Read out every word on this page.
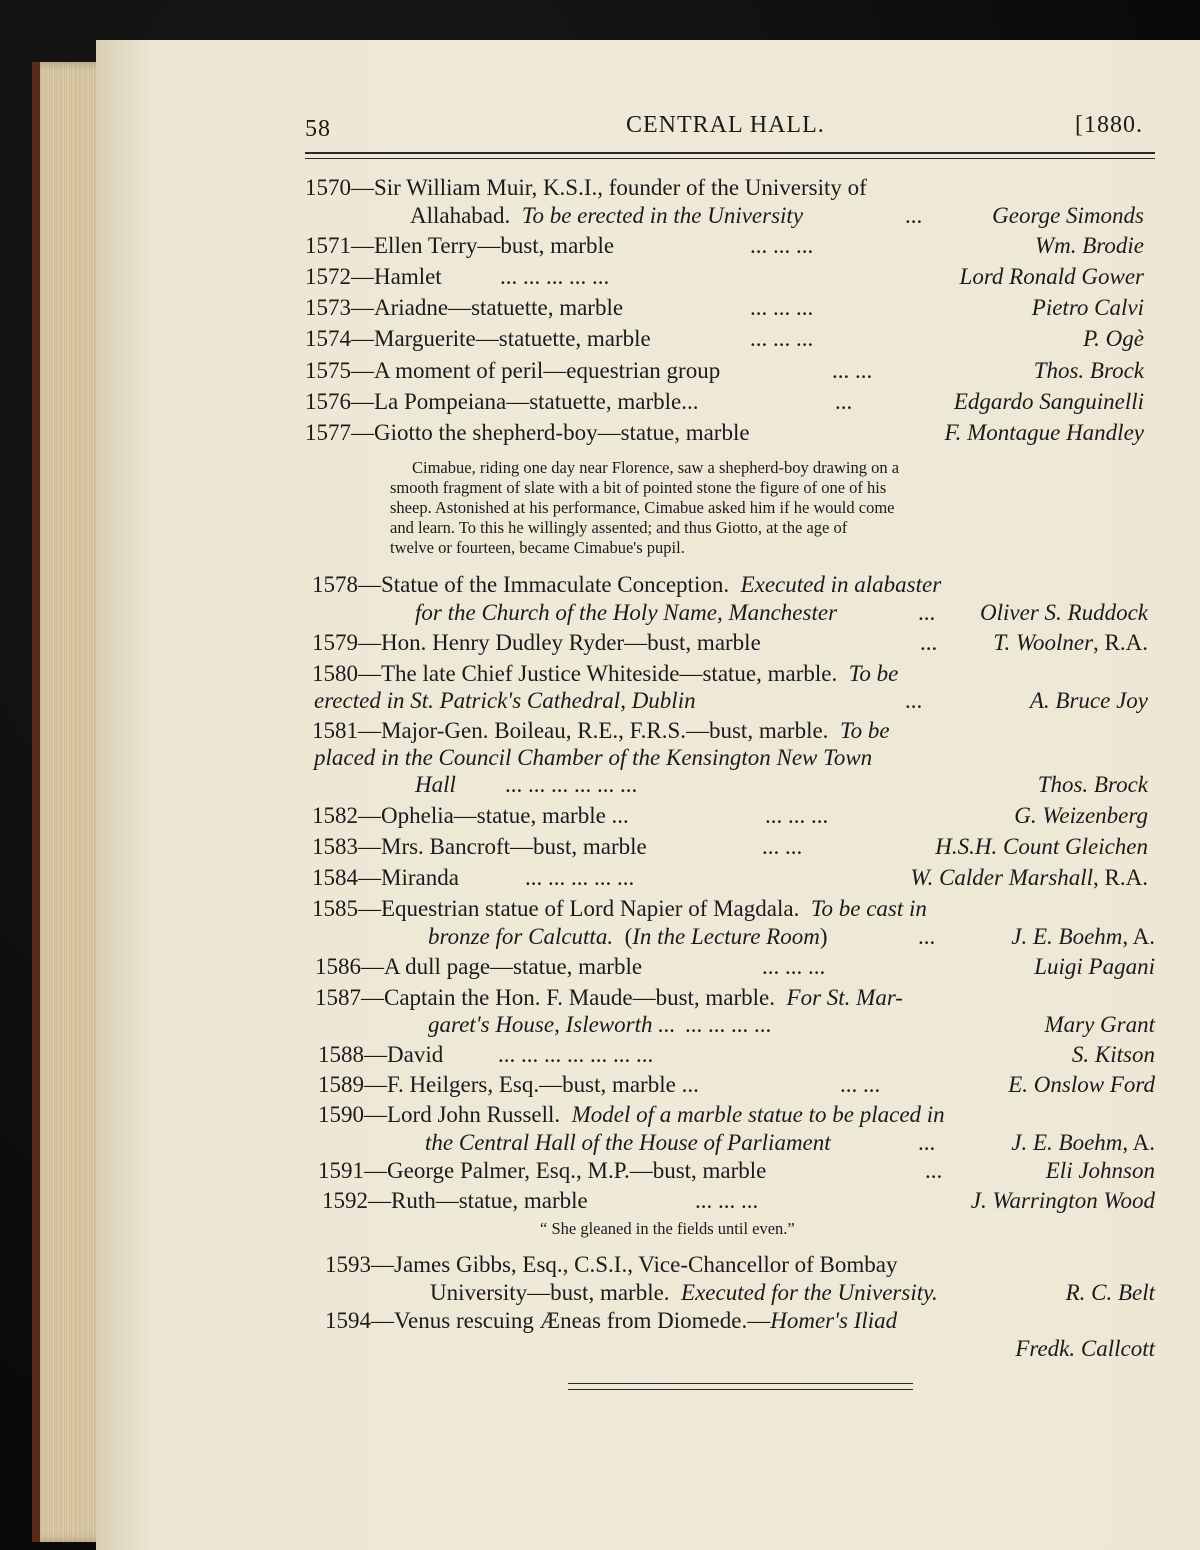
58	CENTRAL HALL.	[1880.
1570—Sir William Muir, K.S.I., founder of the University of
Allahabad. To be erected in the University	...	George Simonds
1571—Ellen Terry—bust, marble	... ... ...	Wm. Brodie
1572—Hamlet	... ... ... ... ...	Lord Ronald Gower
1573—Ariadne—statuette, marble	... ... ...	Pietro Calvi
1574—Marguerite—statuette, marble	... ... ...	P. Ogè
1575—A moment of peril—equestrian group	... ...	Thos. Brock
1576—La Pompeiana—statuette, marble...	...	Edgardo Sanguinelli
1577—Giotto the shepherd-boy—statue, marble	F. Montague Handley
Cimabue, riding one day near Florence, saw a shepherd-boy drawing on a
smooth fragment of slate with a bit of pointed stone the figure of one of his
sheep. Astonished at his performance, Cimabue asked him if he would come
and learn. To this he willingly assented; and thus Giotto, at the age of
twelve or fourteen, became Cimabue's pupil.
1578—Statue of the Immaculate Conception. Executed in alabaster
for the Church of the Holy Name, Manchester	... Oliver S. Ruddock
1579—Hon. Henry Dudley Ryder—bust, marble	... T. Woolner, R.A.
1580—The late Chief Justice Whiteside—statue, marble. To be
erected in St. Patrick's Cathedral, Dublin	...	A. Bruce Joy
1581—Major-Gen. Boileau, R.E., F.R.S.—bust, marble. To be
placed in the Council Chamber of the Kensington New Town
Hall ... ... ... ... ... ...	Thos. Brock
1582—Ophelia—statue, marble ...	... ... ...	G. Weizenberg
1583—Mrs. Bancroft—bust, marble	... ...	H.S.H. Count Gleichen
1584—Miranda	... ... ... ... ...	W. Calder Marshall, R.A.
1585—Equestrian statue of Lord Napier of Magdala. To be cast in
bronze for Calcutta. (In the Lecture Room)	...	J. E. Boehm, A.
1586—A dull page—statue, marble	... ... ...	Luigi Pagani
1587—Captain the Hon. F. Maude—bust, marble. For St. Mar-
garet's House, Isleworth ... ... ... ... ...	Mary Grant
1588—David ... ... ... ... ... ... ...	S. Kitson
1589—F. Heilgers, Esq.—bust, marble ...	... ...	E. Onslow Ford
1590—Lord John Russell. Model of a marble statue to be placed in
the Central Hall of the House of Parliament	...	J. E. Boehm, A.
1591—George Palmer, Esq., M.P.—bust, marble	...	Eli Johnson
1592—Ruth—statue, marble	... ... ...	J. Warrington Wood
“ She gleaned in the fields until even.”
1593—James Gibbs, Esq., C.S.I., Vice-Chancellor of Bombay
University—bust, marble. Executed for the University.	R. C. Belt
1594—Venus rescuing Æneas from Diomede.—Homer's Iliad
Fredk. Callcott
